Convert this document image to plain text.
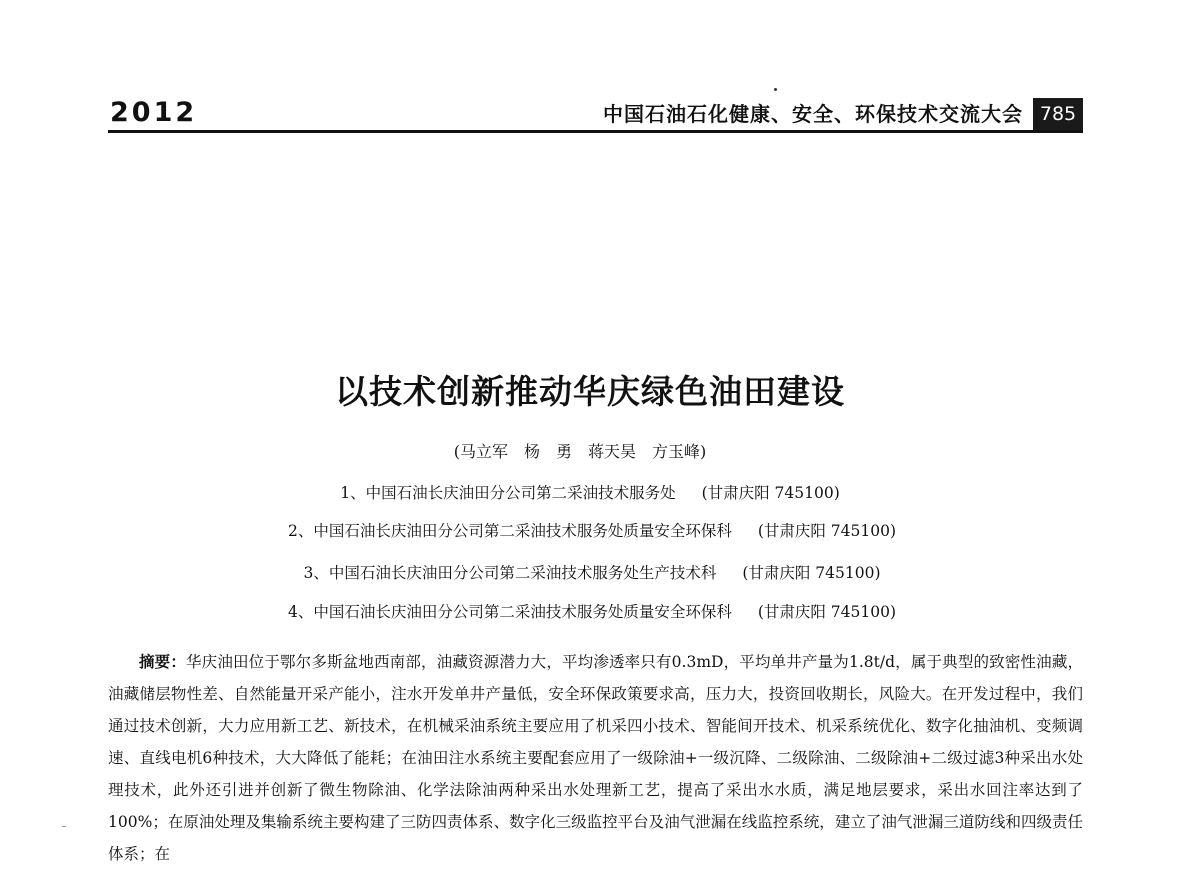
2012	中国石油石化健康、安全、环保技术交流大会 785
以技术创新推动华庆绿色油田建设
(马立军　杨　勇　蒋天昊　方玉峰)
1、中国石油长庆油田分公司第二采油技术服务处 (甘肃庆阳 745100)
2、中国石油长庆油田分公司第二采油技术服务处质量安全环保科 (甘肃庆阳 745100)
3、中国石油长庆油田分公司第二采油技术服务处生产技术科 (甘肃庆阳 745100)
4、中国石油长庆油田分公司第二采油技术服务处质量安全环保科 (甘肃庆阳 745100)
摘要：华庆油田位于鄂尔多斯盆地西南部，油藏资源潜力大，平均渗透率只有0.3mD，平均单井产量为1.8t/d，属于典型的致密性油藏，油藏储层物性差、自然能量开采产能小，注水开发单井产量低，安全环保政策要求高，压力大，投资回收期长，风险大。在开发过程中，我们通过技术创新，大力应用新工艺、新技术，在机械采油系统主要应用了机采四小技术、智能间开技术、机采系统优化、数字化抽油机、变频调速、直线电机6种技术，大大降低了能耗；在油田注水系统主要配套应用了一级除油+一级沉降、二级除油、二级除油+二级过滤3种采出水处理技术，此外还引进并创新了微生物除油、化学法除油两种采出水处理新工艺，提高了采出水水质，满足地层要求，采出水回注率达到了100%；在原油处理及集输系统主要构建了三防四责体系、数字化三级监控平台及油气泄漏在线监控系统，建立了油气泄漏三道防线和四级责任体系；在
